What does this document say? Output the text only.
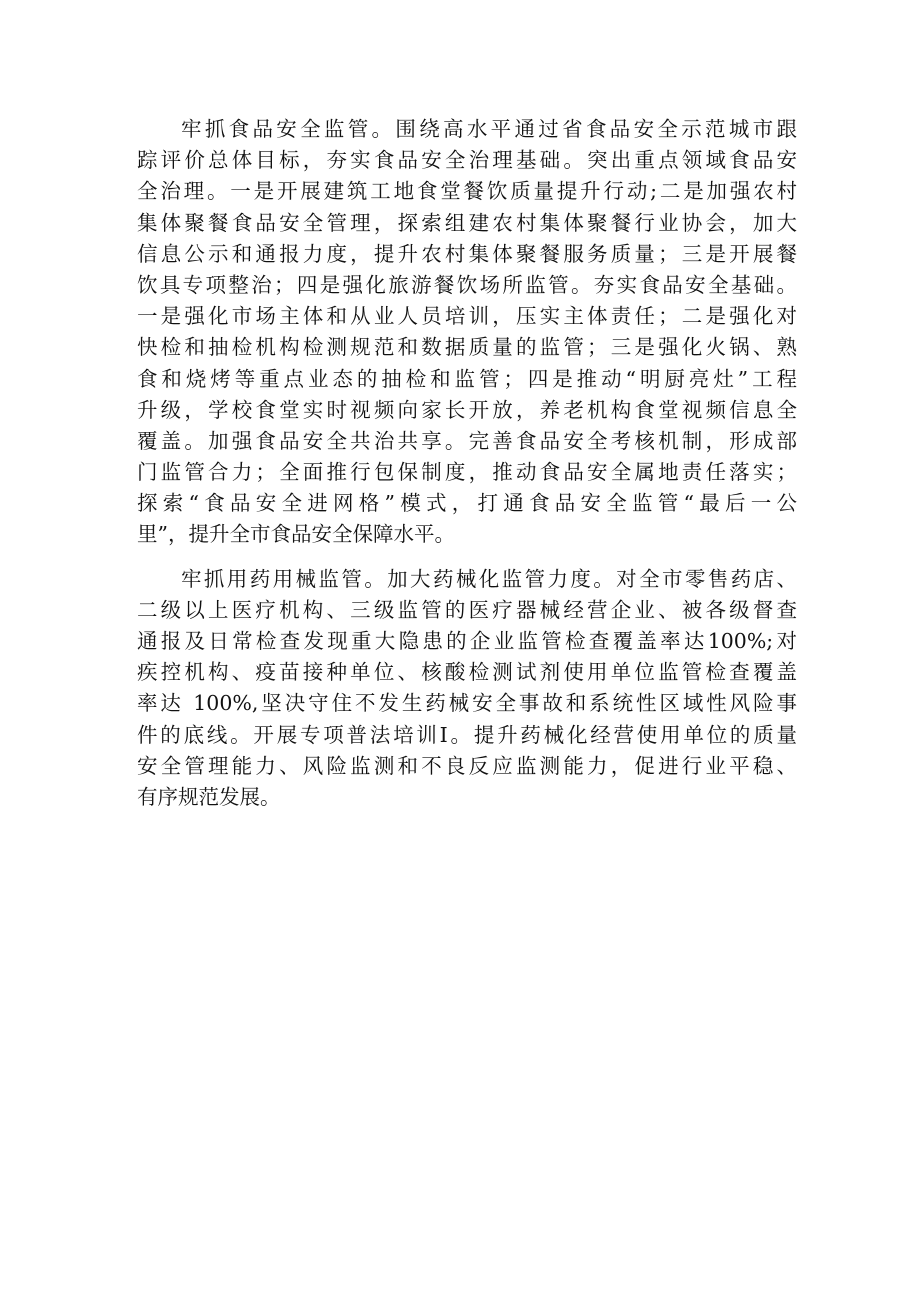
牢抓食品安全监管。围绕高水平通过省食品安全示范城市跟
踪评价总体目标，夯实食品安全治理基础。突出重点领域食品安
全治理。一是开展建筑工地食堂餐饮质量提升行动;二是加强农村
集体聚餐食品安全管理，探索组建农村集体聚餐行业协会，加大
信息公示和通报力度，提升农村集体聚餐服务质量；三是开展餐
饮具专项整治；四是强化旅游餐饮场所监管。夯实食品安全基础。
一是强化市场主体和从业人员培训，压实主体责任；二是强化对
快检和抽检机构检测规范和数据质量的监管；三是强化火锅、熟
食和烧烤等重点业态的抽检和监管；四是推动“明厨亮灶”工程
升级，学校食堂实时视频向家长开放，养老机构食堂视频信息全
覆盖。加强食品安全共治共享。完善食品安全考核机制，形成部
门监管合力；全面推行包保制度，推动食品安全属地责任落实；
探索“食品安全进网格”模式，打通食品安全监管“最后一公
里”，提升全市食品安全保障水平。
牢抓用药用械监管。加大药械化监管力度。对全市零售药店、
二级以上医疗机构、三级监管的医疗器械经营企业、被各级督查
通报及日常检查发现重大隐患的企业监管检查覆盖率达100%;对
疾控机构、疫苗接种单位、核酸检测试剂使用单位监管检查覆盖
率达 100%,坚决守住不发生药械安全事故和系统性区域性风险事
件的底线。开展专项普法培训I。提升药械化经营使用单位的质量
安全管理能力、风险监测和不良反应监测能力，促进行业平稳、
有序规范发展。
